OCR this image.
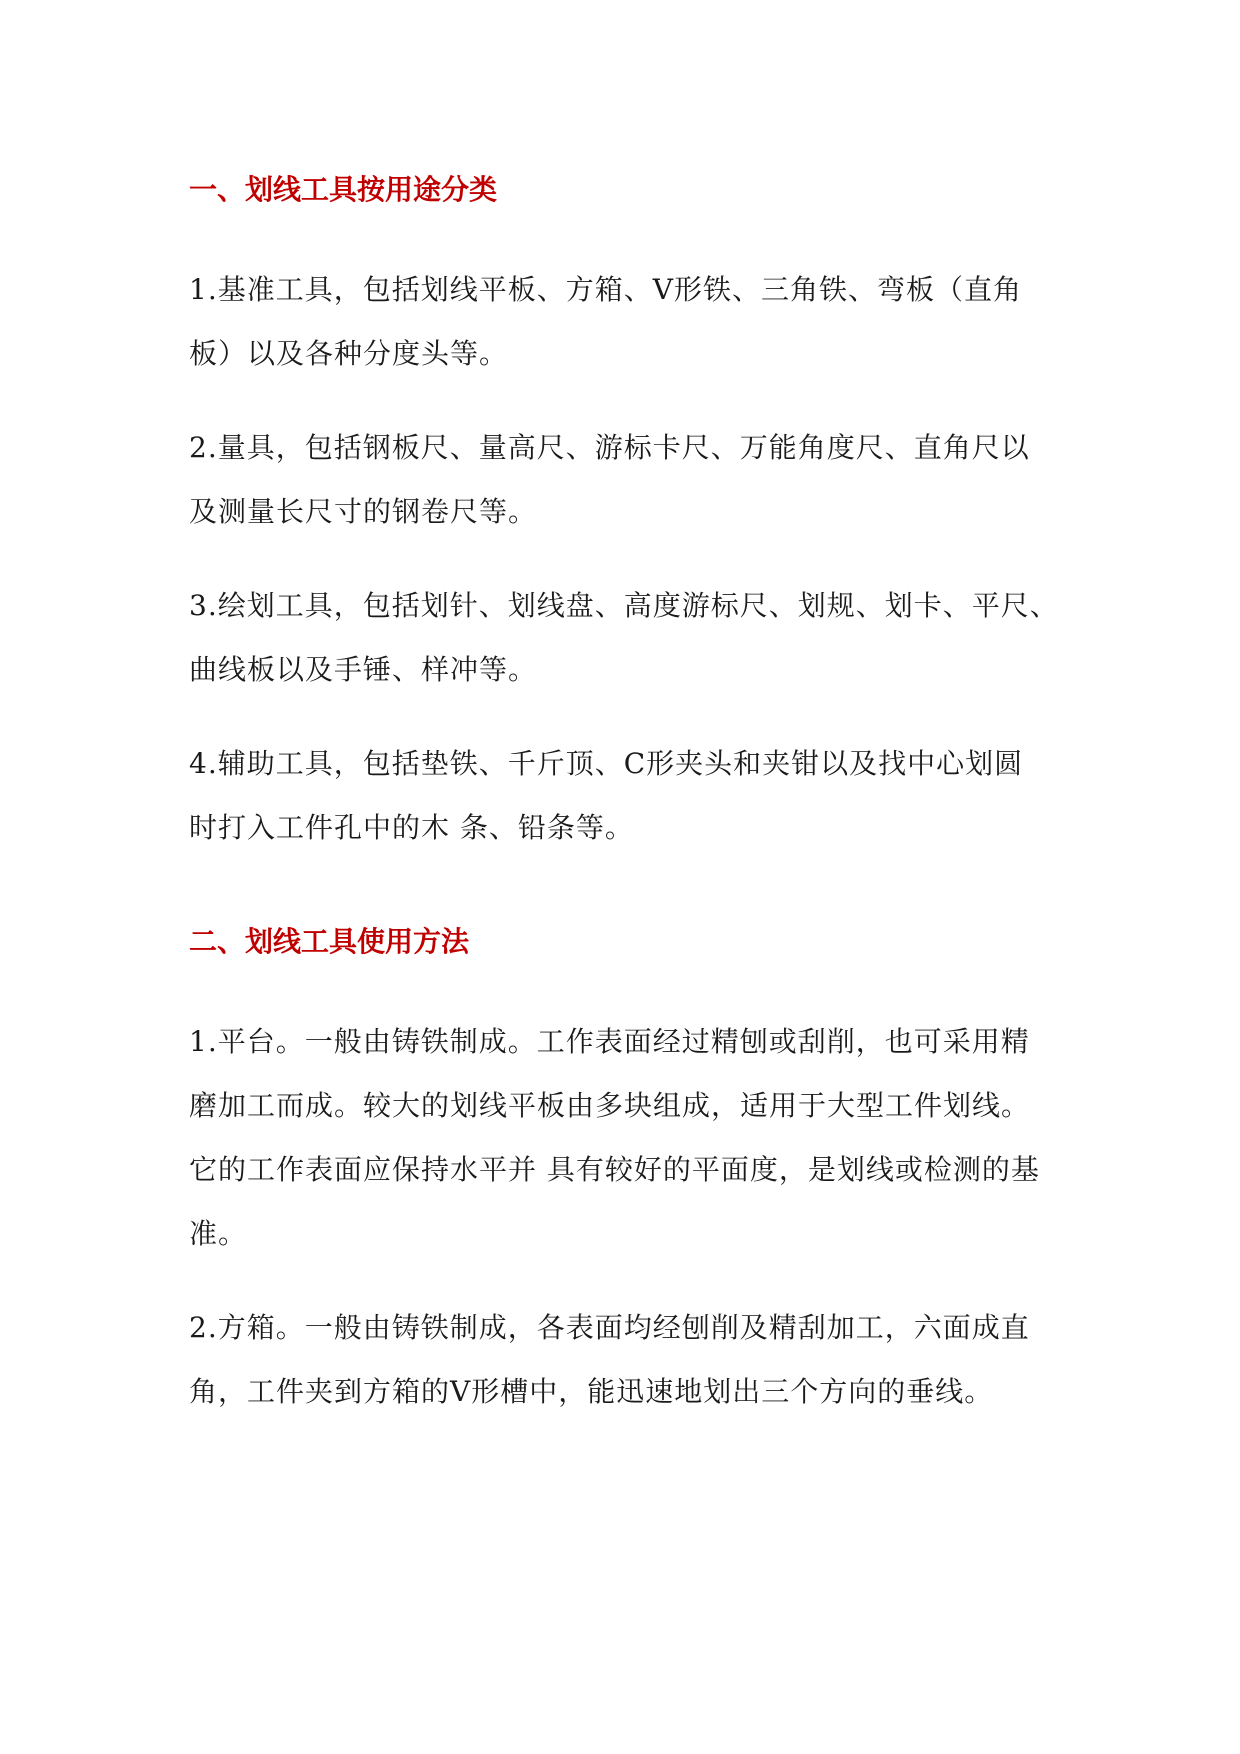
一、划线工具按用途分类

1.基准工具，包括划线平板、方箱、V形铁、三角铁、弯板（直角
板）以及各种分度头等。

2.量具，包括钢板尺、量高尺、游标卡尺、万能角度尺、直角尺以
及测量长尺寸的钢卷尺等。

3.绘划工具，包括划针、划线盘、高度游标尺、划规、划卡、平尺、
曲线板以及手锤、样冲等。

4.辅助工具，包括垫铁、千斤顶、C形夹头和夹钳以及找中心划圆
时打入工件孔中的木 条、铅条等。

二、划线工具使用方法

1.平台。一般由铸铁制成。工作表面经过精刨或刮削，也可采用精
磨加工而成。较大的划线平板由多块组成，适用于大型工件划线。
它的工作表面应保持水平并 具有较好的平面度，是划线或检测的基
准。

2.方箱。一般由铸铁制成，各表面均经刨削及精刮加工，六面成直
角，工件夹到方箱的V形槽中，能迅速地划出三个方向的垂线。
